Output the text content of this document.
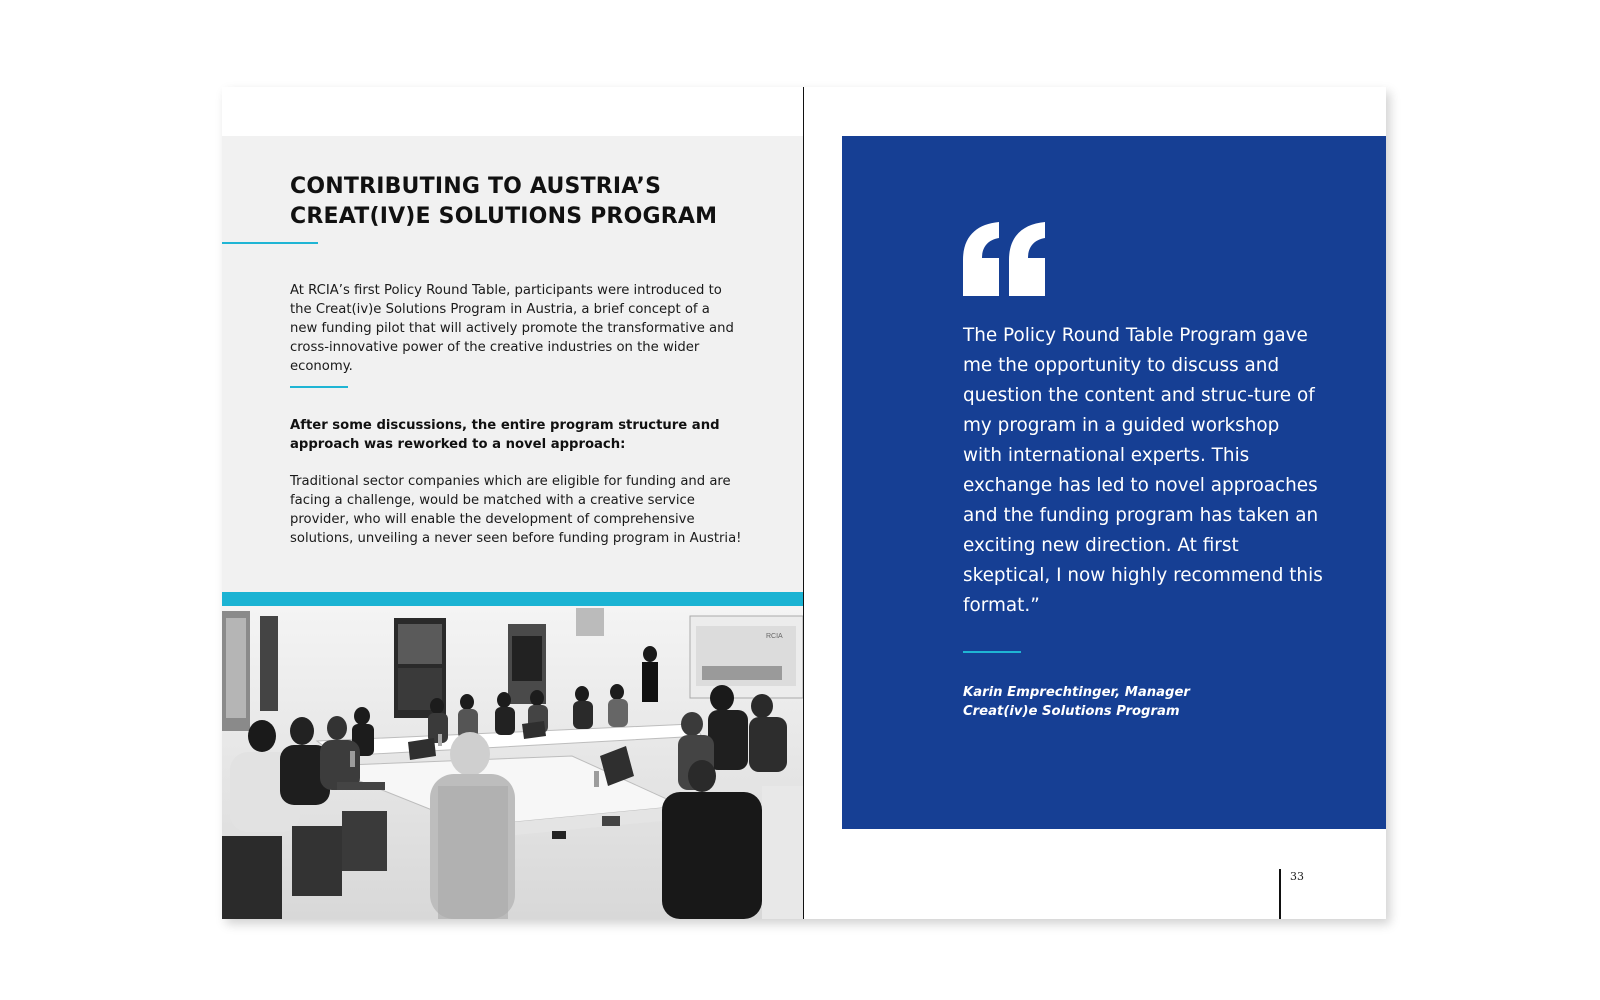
CONTRIBUTING TO AUSTRIA’S
CREAT(IV)E SOLUTIONS PROGRAM

At RCIA’s first Policy Round Table, participants were introduced to the Creat(iv)e Solutions Program in Austria, a brief concept of a new funding pilot that will actively promote the transformative and cross-innovative power of the creative industries on the wider economy.

After some discussions, the entire program structure and approach was reworked to a novel approach:

Traditional sector companies which are eligible for funding and are facing a challenge, would be matched with a creative service provider, who will enable the development of comprehensive solutions, unveiling a never seen before funding program in Austria!

RCIA

The Policy Round Table Program gave me the opportunity to discuss and question the content and struc-ture of my program in a guided workshop with international experts. This exchange has led to novel approaches and the funding program has taken an exciting new direction. At first skeptical, I now highly recommend this format.”

Karin Emprechtinger, Manager Creat(iv)e Solutions Program

33
